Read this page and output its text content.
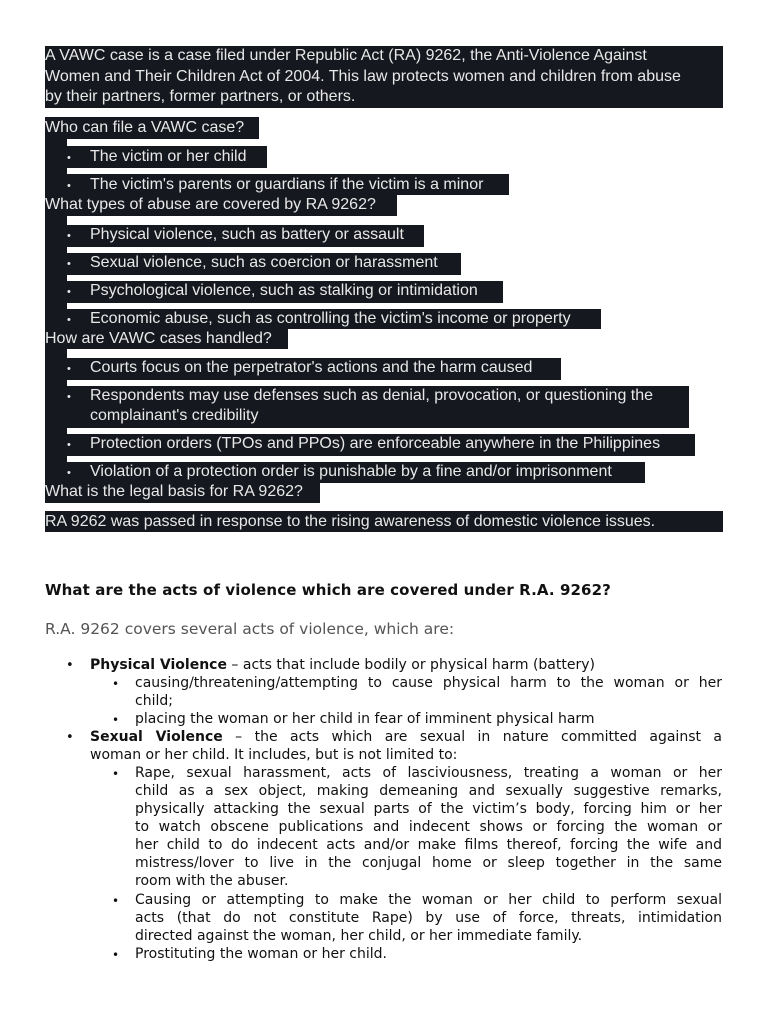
A VAWC case is a case filed under Republic Act (RA) 9262, the Anti-Violence Against
Women and Their Children Act of 2004. This law protects women and children from abuse
by their partners, former partners, or others.
Who can file a VAWC case?
• The victim or her child
• The victim's parents or guardians if the victim is a minor
What types of abuse are covered by RA 9262?
• Physical violence, such as battery or assault
• Sexual violence, such as coercion or harassment
• Psychological violence, such as stalking or intimidation
• Economic abuse, such as controlling the victim's income or property
How are VAWC cases handled?
• Courts focus on the perpetrator's actions and the harm caused
• Respondents may use defenses such as denial, provocation, or questioning the
complainant's credibility
• Protection orders (TPOs and PPOs) are enforceable anywhere in the Philippines
• Violation of a protection order is punishable by a fine and/or imprisonment
What is the legal basis for RA 9262?
RA 9262 was passed in response to the rising awareness of domestic violence issues.
What are the acts of violence which are covered under R.A. 9262?
R.A. 9262 covers several acts of violence, which are:
• Physical Violence – acts that include bodily or physical harm (battery)
• causing/threatening/attempting to cause physical harm to the woman or her
child;
• placing the woman or her child in fear of imminent physical harm
• Sexual Violence – the acts which are sexual in nature committed against a
woman or her child. It includes, but is not limited to:
• Rape, sexual harassment, acts of lasciviousness, treating a woman or her
child as a sex object, making demeaning and sexually suggestive remarks,
physically attacking the sexual parts of the victim’s body, forcing him or her
to watch obscene publications and indecent shows or forcing the woman or
her child to do indecent acts and/or make films thereof, forcing the wife and
mistress/lover to live in the conjugal home or sleep together in the same
room with the abuser.
• Causing or attempting to make the woman or her child to perform sexual
acts (that do not constitute Rape) by use of force, threats, intimidation
directed against the woman, her child, or her immediate family.
• Prostituting the woman or her child.
